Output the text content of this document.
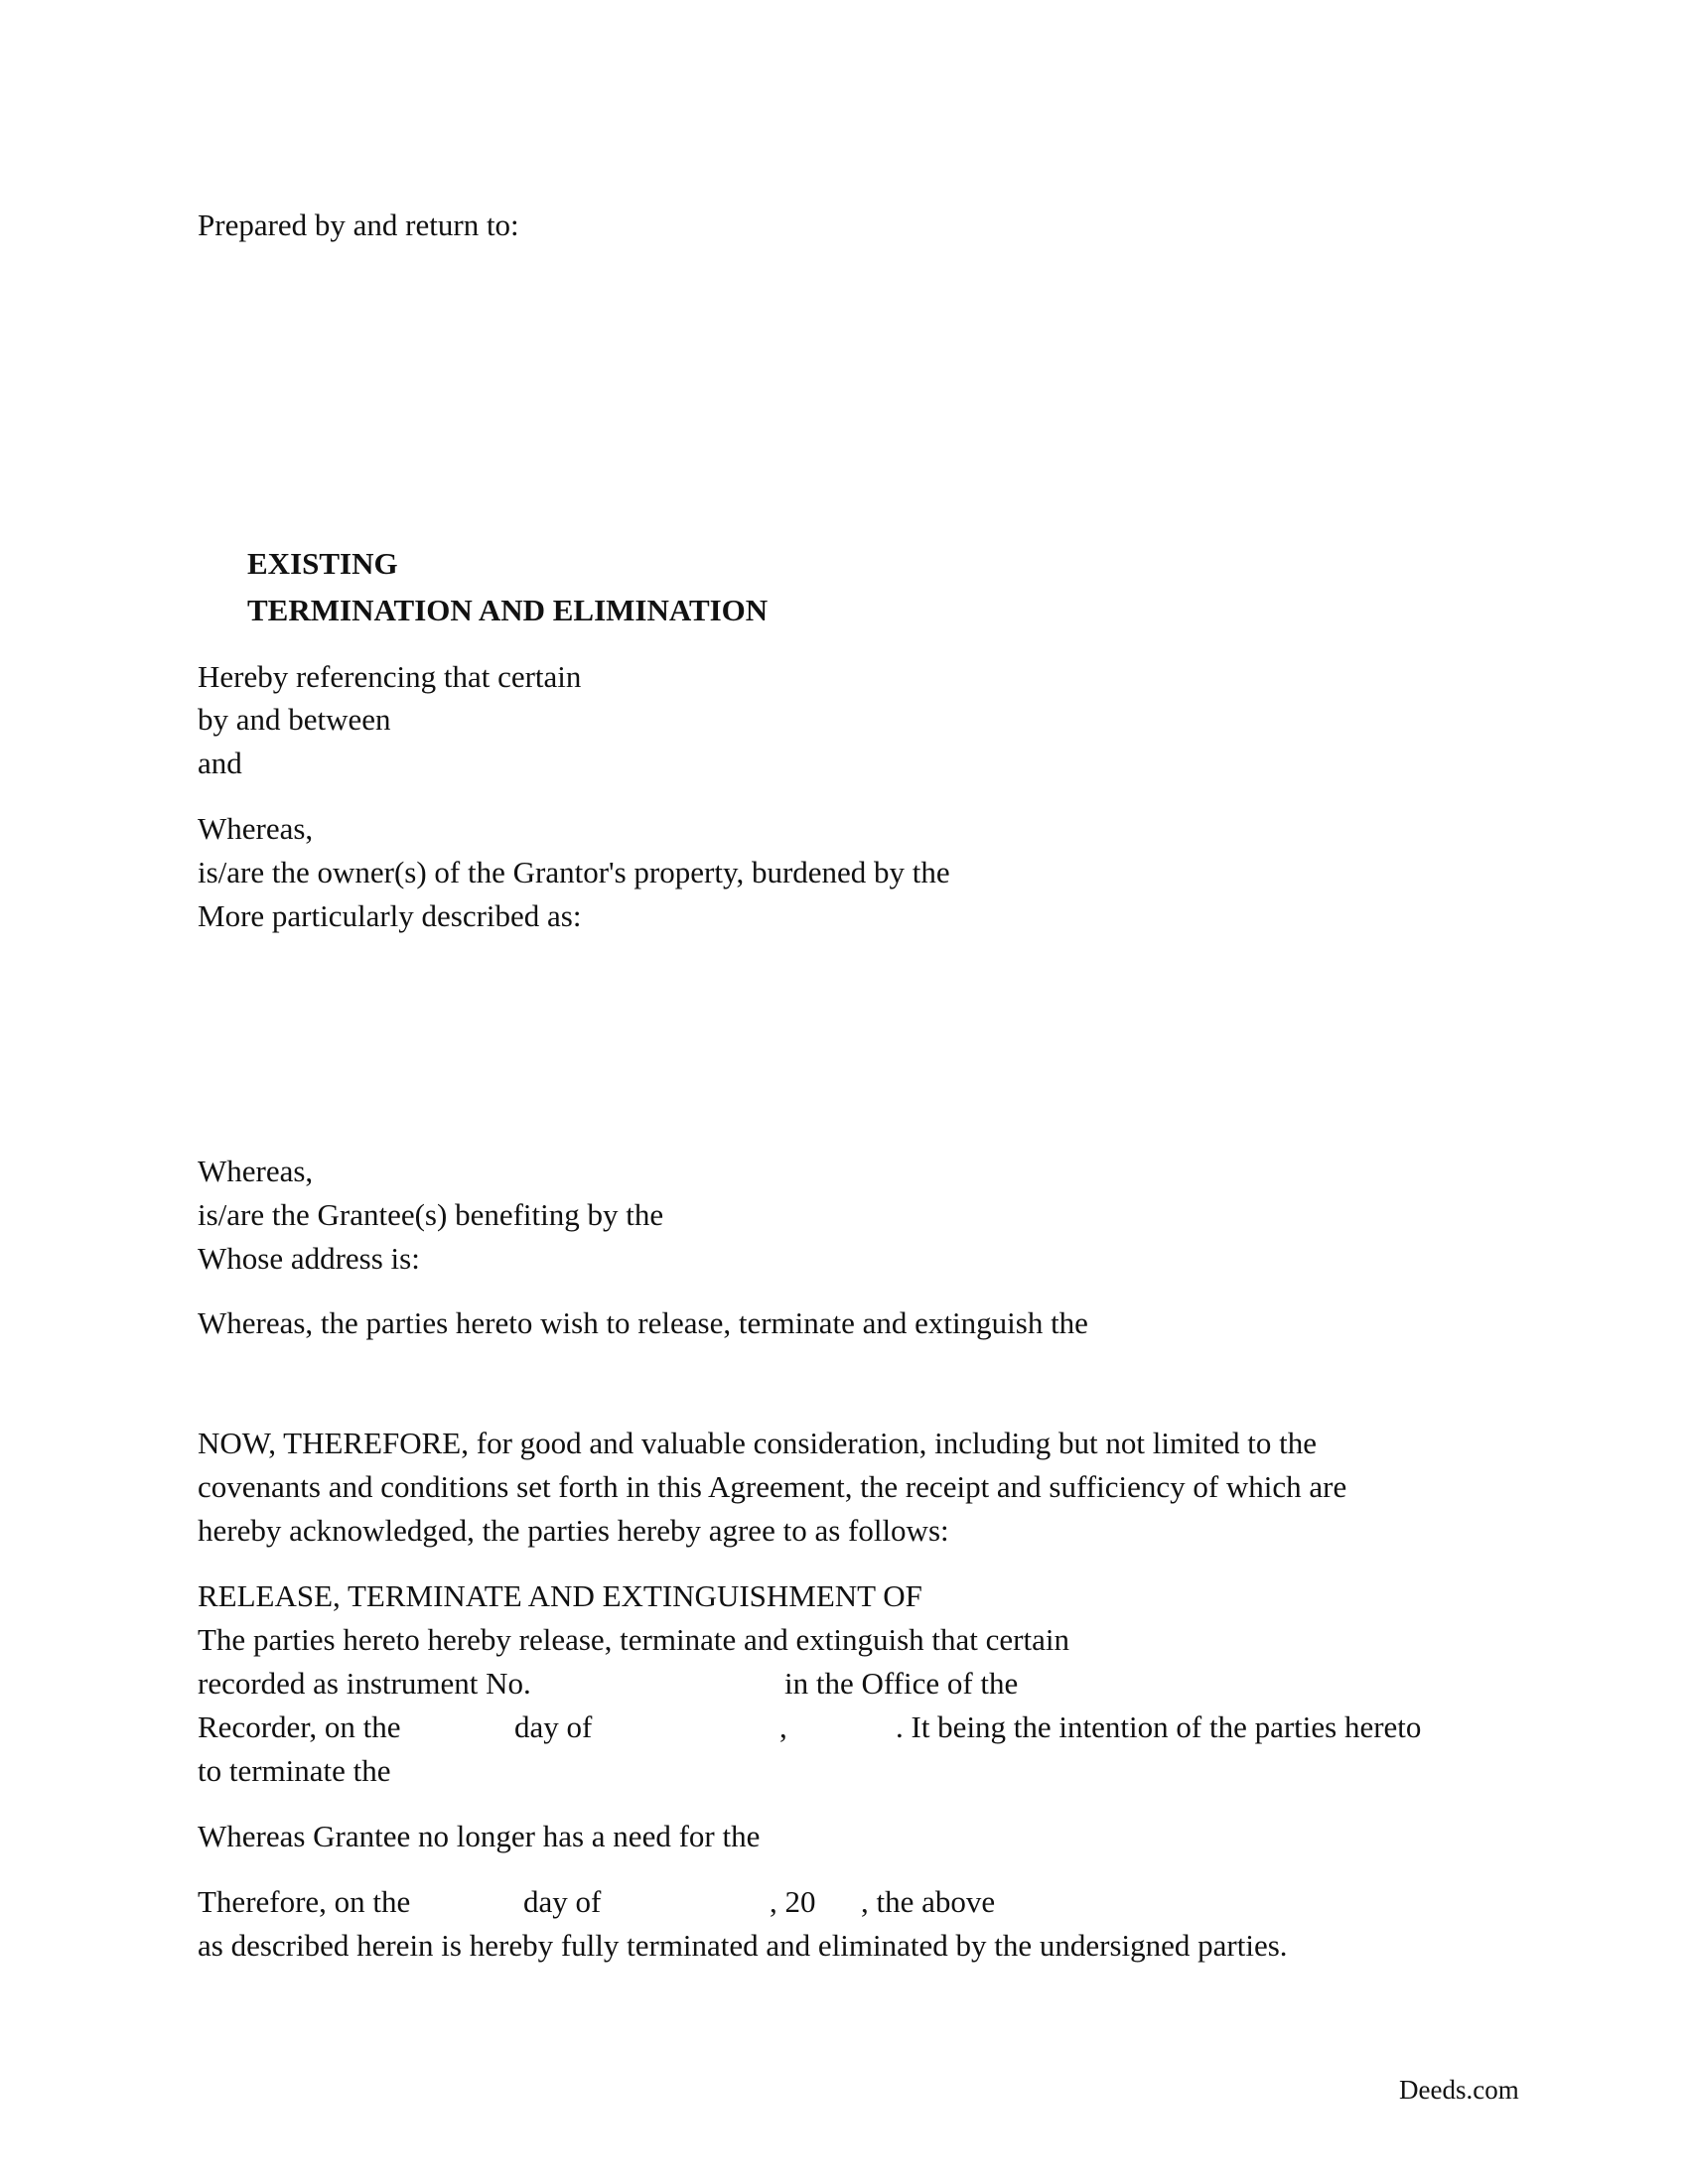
Prepared by and return to:

EXISTING

TERMINATION AND ELIMINATION

Hereby referencing that certain

by and between

and

Whereas,

is/are the owner(s) of the Grantor's property, burdened by the

More particularly described as:

Whereas,

is/are the Grantee(s) benefiting by the

Whose address is:

Whereas, the parties hereto wish to release, terminate and extinguish the

NOW, THEREFORE, for good and valuable consideration, including but not limited to the

covenants and conditions set forth in this Agreement, the receipt and sufficiency of which are

hereby acknowledged, the parties hereby agree to as follows:

RELEASE, TERMINATE AND EXTINGUISHMENT OF

The parties hereto hereby release, terminate and extinguish that certain

recorded as instrument No.	in the Office of the

Recorder, on the	day of	,	. It being the intention of the parties hereto

to terminate the

Whereas Grantee no longer has a need for the

Therefore, on the	day of	, 20 , the above

as described herein is hereby fully terminated and eliminated by the undersigned parties.

Deeds.com
